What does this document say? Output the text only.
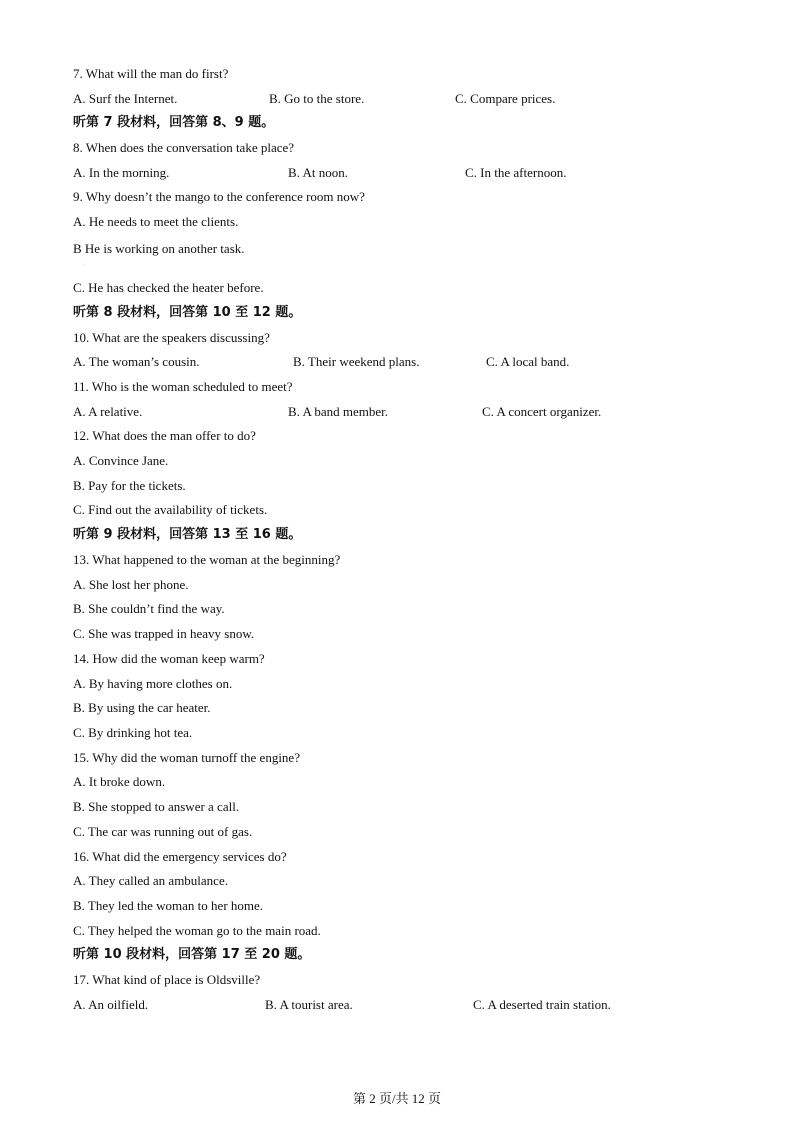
7. What will the man do first?
A. Surf the Internet.	B. Go to the store.	C. Compare prices.
听第 7 段材料，回答第 8、9 题。
8. When does the conversation take place?
A. In the morning.	B. At noon.	C. In the afternoon.
9. Why doesn’t the mango to the conference room now?
A. He needs to meet the clients.
B He is working on another task.
·
C. He has checked the heater before.
听第 8 段材料，回答第 10 至 12 题。
10. What are the speakers discussing?
A. The woman’s cousin.	B. Their weekend plans.	C. A local band.
11. Who is the woman scheduled to meet?
A. A relative.	B. A band member.	C. A concert organizer.
12. What does the man offer to do?
A. Convince Jane.
B. Pay for the tickets.
C. Find out the availability of tickets.
听第 9 段材料，回答第 13 至 16 题。
13. What happened to the woman at the beginning?
A. She lost her phone.
B. She couldn’t find the way.
C. She was trapped in heavy snow.
14. How did the woman keep warm?
A. By having more clothes on.
B. By using the car heater.
C. By drinking hot tea.
15. Why did the woman turnoff the engine?
A. It broke down.
B. She stopped to answer a call.
C. The car was running out of gas.
16. What did the emergency services do?
A. They called an ambulance.
B. They led the woman to her home.
C. They helped the woman go to the main road.
听第 10 段材料，回答第 17 至 20 题。
17. What kind of place is Oldsville?
A. An oilfield.	B. A tourist area.	C. A deserted train station.
第 2 页/共 12 页
